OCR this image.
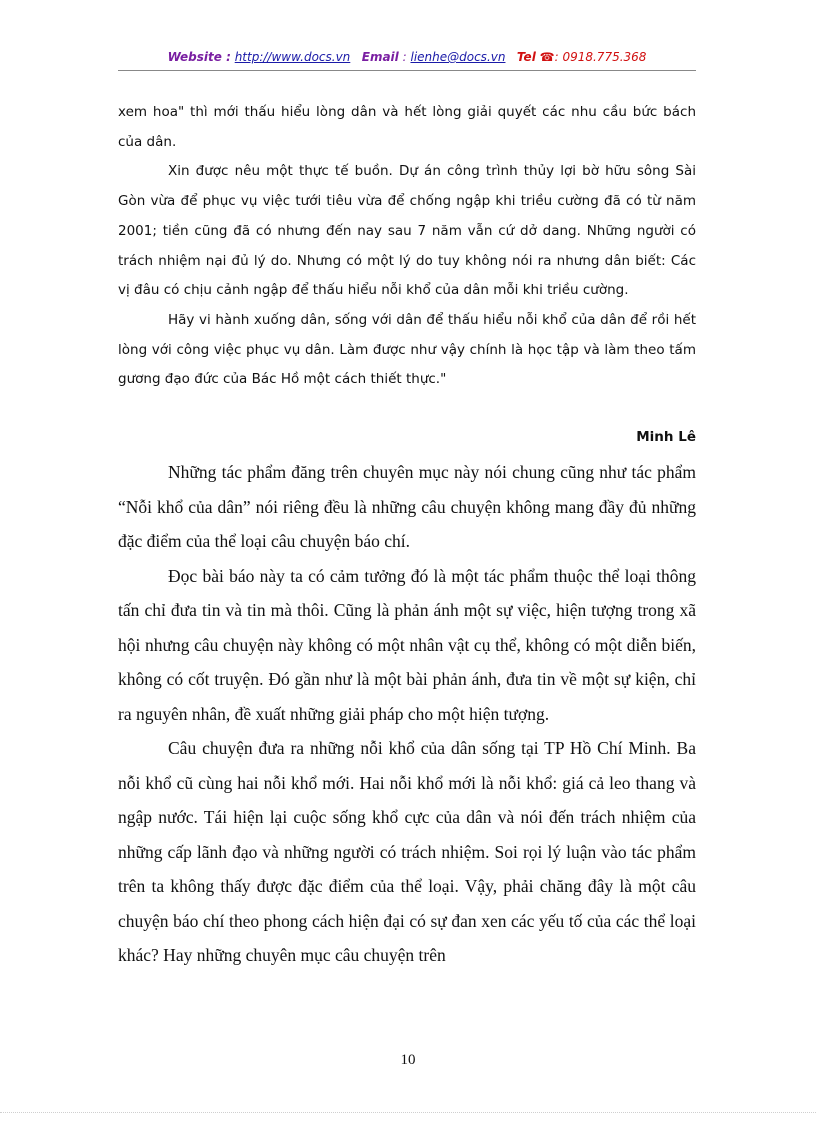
Website : http://www.docs.vn Email : lienhe@docs.vn Tel ☎: 0918.775.368

xem hoa" thì mới thấu hiểu lòng dân và hết lòng giải quyết các nhu cầu bức bách của dân.

Xin được nêu một thực tế buồn. Dự án công trình thủy lợi bờ hữu sông Sài Gòn vừa để phục vụ việc tưới tiêu vừa để chống ngập khi triều cường đã có từ năm 2001; tiền cũng đã có nhưng đến nay sau 7 năm vẫn cứ dở dang. Những người có trách nhiệm nại đủ lý do. Nhưng có một lý do tuy không nói ra nhưng dân biết: Các vị đâu có chịu cảnh ngập để thấu hiểu nỗi khổ của dân mỗi khi triều cường.

Hãy vi hành xuống dân, sống với dân để thấu hiểu nỗi khổ của dân để rồi hết lòng với công việc phục vụ dân. Làm được như vậy chính là học tập và làm theo tấm gương đạo đức của Bác Hồ một cách thiết thực."

Minh Lê

Những tác phẩm đăng trên chuyên mục này nói chung cũng như tác phẩm “Nỗi khổ của dân” nói riêng đều là những câu chuyện không mang đầy đủ những đặc điểm của thể loại câu chuyện báo chí.

Đọc bài báo này ta có cảm tưởng đó là một tác phẩm thuộc thể loại thông tấn chỉ đưa tin và tin mà thôi. Cũng là phản ánh một sự việc, hiện tượng trong xã hội nhưng câu chuyện này không có một nhân vật cụ thể, không có một diễn biến, không có cốt truyện. Đó gần như là một bài phản ánh, đưa tin về một sự kiện, chỉ ra nguyên nhân, đề xuất những giải pháp cho một hiện tượng.

Câu chuyện đưa ra những nỗi khổ của dân sống tại TP Hồ Chí Minh. Ba nỗi khổ cũ cùng hai nỗi khổ mới. Hai nỗi khổ mới là nỗi khổ: giá cả leo thang và ngập nước. Tái hiện lại cuộc sống khổ cực của dân và nói đến trách nhiệm của những cấp lãnh đạo và những người có trách nhiệm. Soi rọi lý luận vào tác phẩm trên ta không thấy được đặc điểm của thể loại. Vậy, phải chăng đây là một câu chuyện báo chí theo phong cách hiện đại có sự đan xen các yếu tố của các thể loại khác? Hay những chuyên mục câu chuyện trên

10
